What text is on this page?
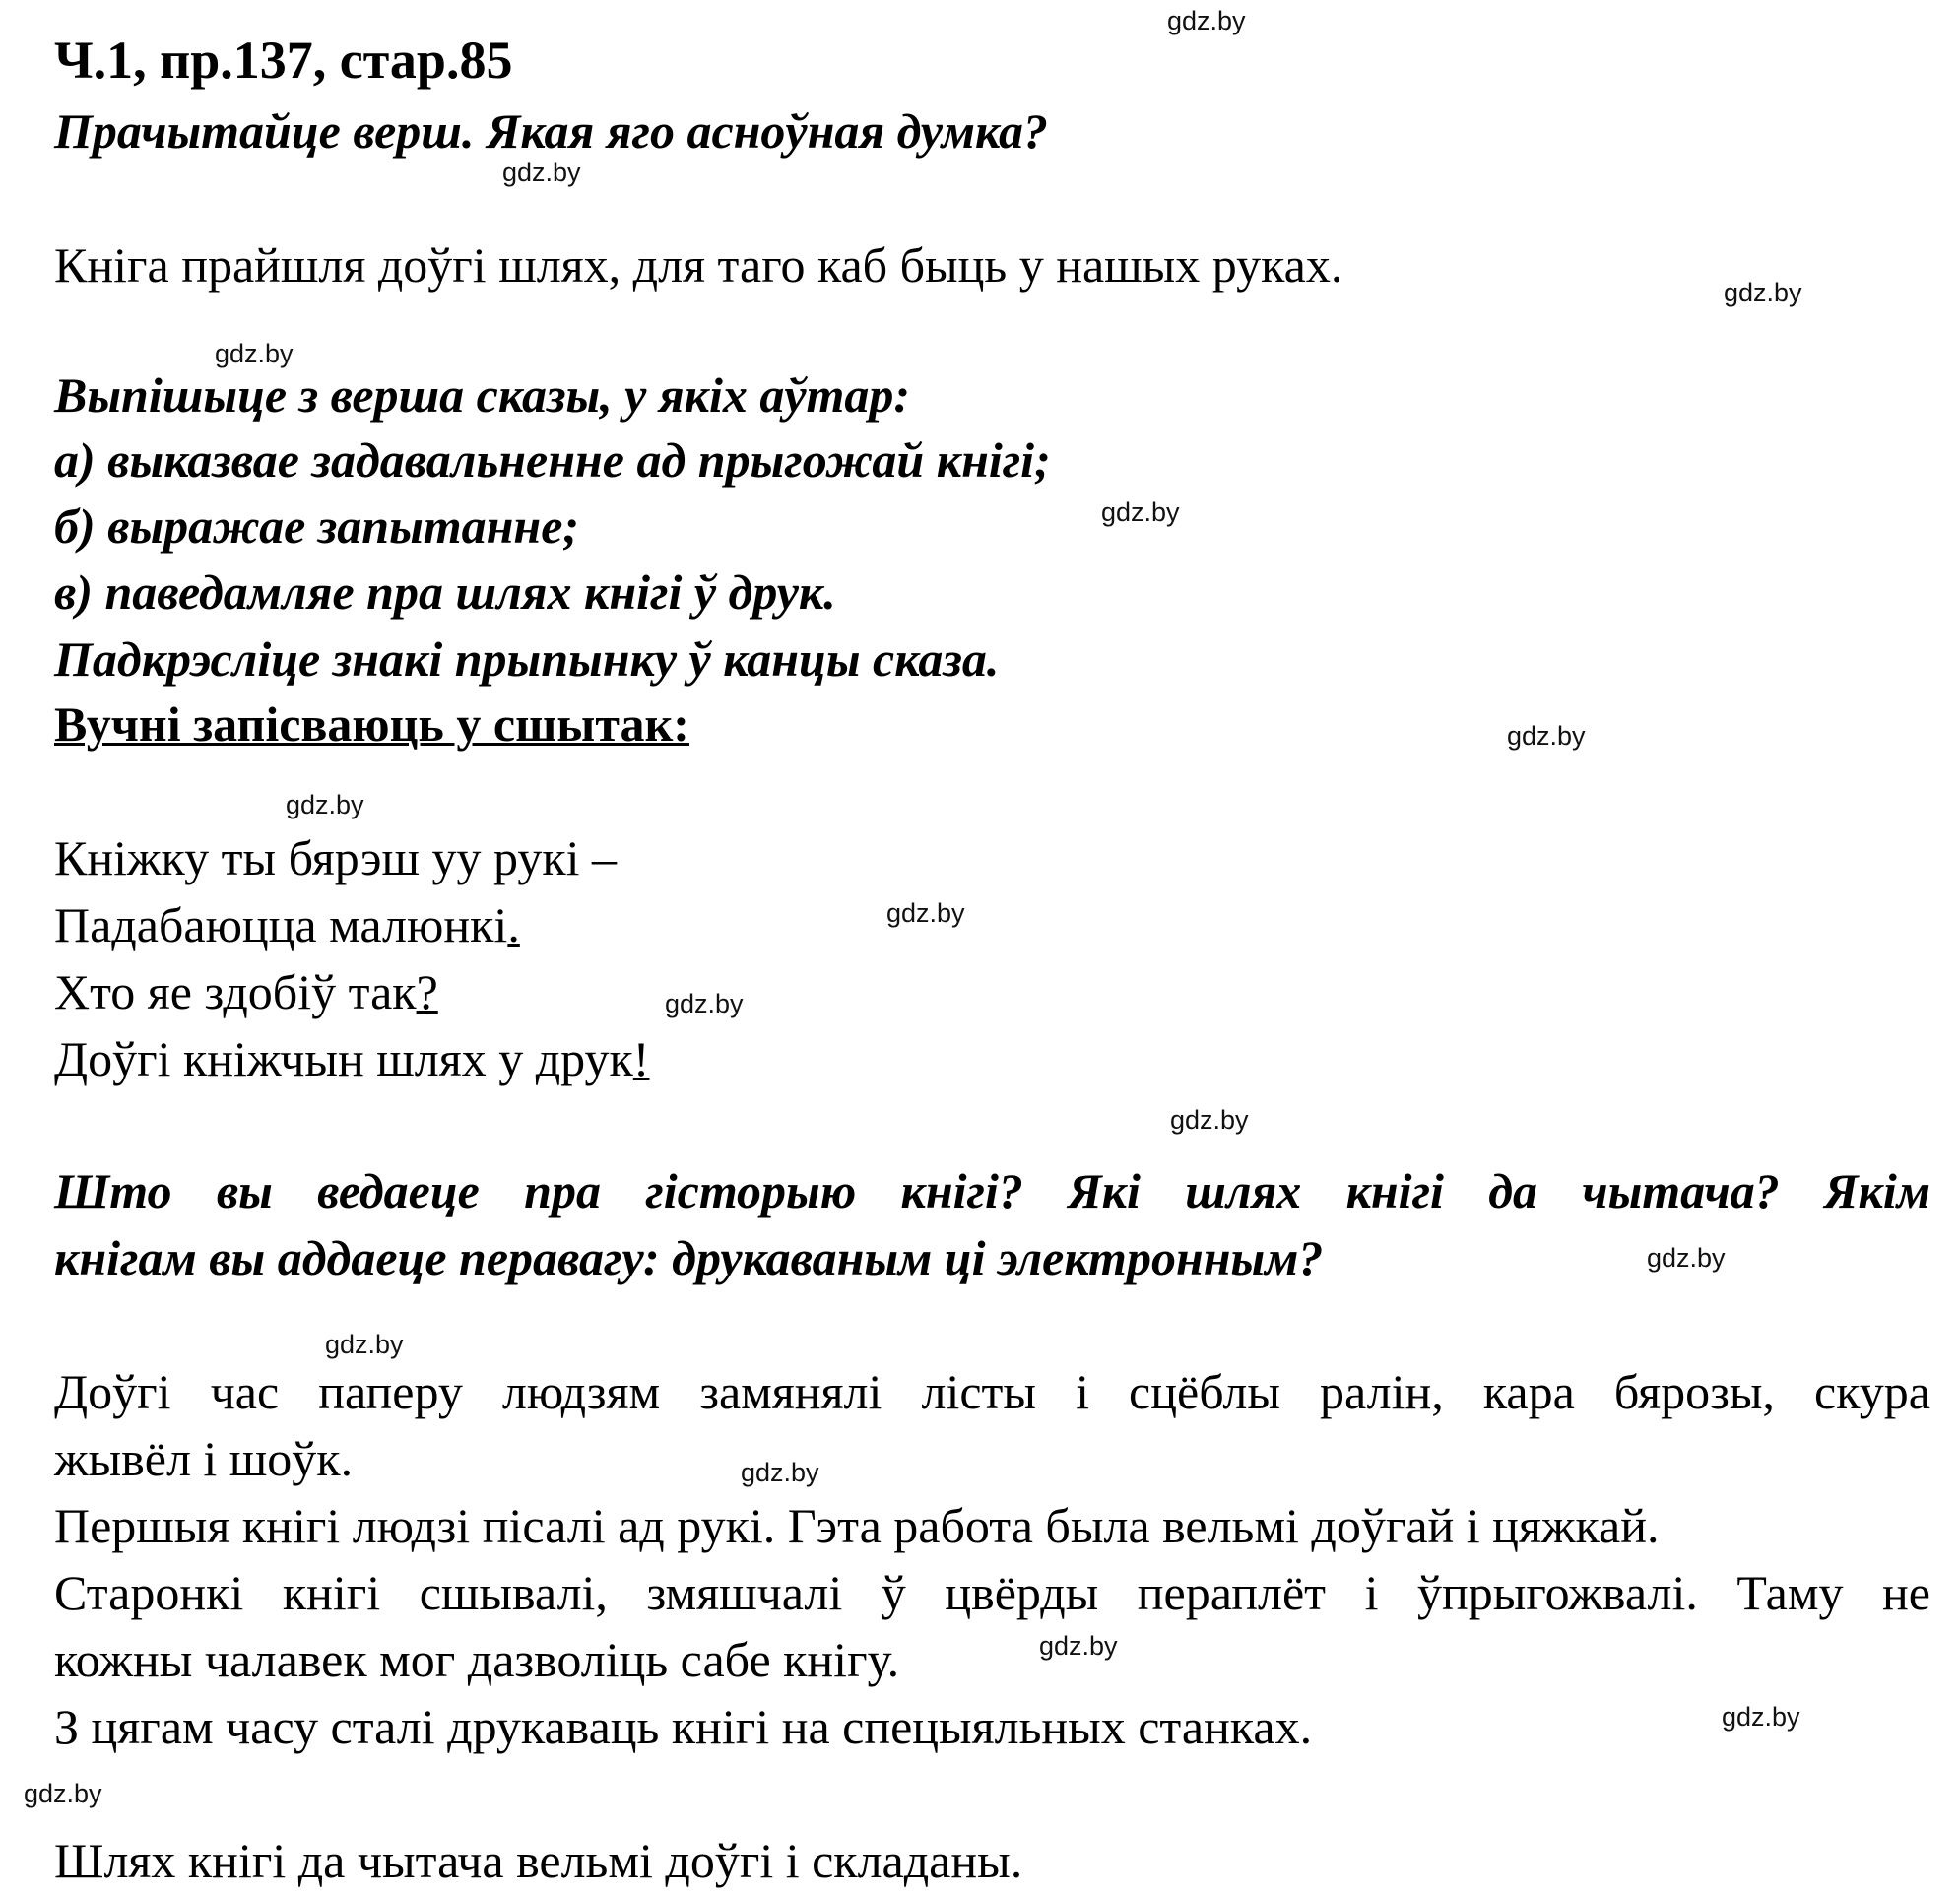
Ч.1, пр.137, стар.85
Прачытайце верш. Якая яго асноўная думка?
Кніга прайшля доўгі шлях, для таго каб быць у нашых руках.
Выпішыце з верша сказы, у якіх аўтар:
а) выказвае задавальненне ад прыгожай кнігі;
б) выражае запытанне;
в) паведамляе пра шлях кнігі ў друк.
Падкрэсліце знакі прыпынку ў канцы сказа.
Вучні запісваюць у сшытак:
Кніжку ты бярэш уу рукі –
Падабаюцца малюнкі.
Хто яе здобіў так?
Доўгі кніжчын шлях у друк!
Што вы ведаеце пра гісторыю кнігі? Які шлях кнігі да чытача? Якім
кнігам вы аддаеце перавагу: друкаваным ці электронным?
Доўгі час паперу людзям замянялі лісты і сцёблы ралін, кара бярозы, скура
жывёл і шоўк.
Першыя кнігі людзі пісалі ад рукі. Гэта работа была вельмі доўгай і цяжкай.
Старонкі кнігі сшывалі, змяшчалі ў цвёрды пераплёт і ўпрыгожвалі. Таму не
кожны чалавек мог дазволіць сабе кнігу.
З цягам часу сталі друкаваць кнігі на спецыяльных станках.
Шлях кнігі да чытача вельмі доўгі і складаны.
gdz.by
gdz.by
gdz.by
gdz.by
gdz.by
gdz.by
gdz.by
gdz.by
gdz.by
gdz.by
gdz.by
gdz.by
gdz.by
gdz.by
gdz.by
gdz.by
